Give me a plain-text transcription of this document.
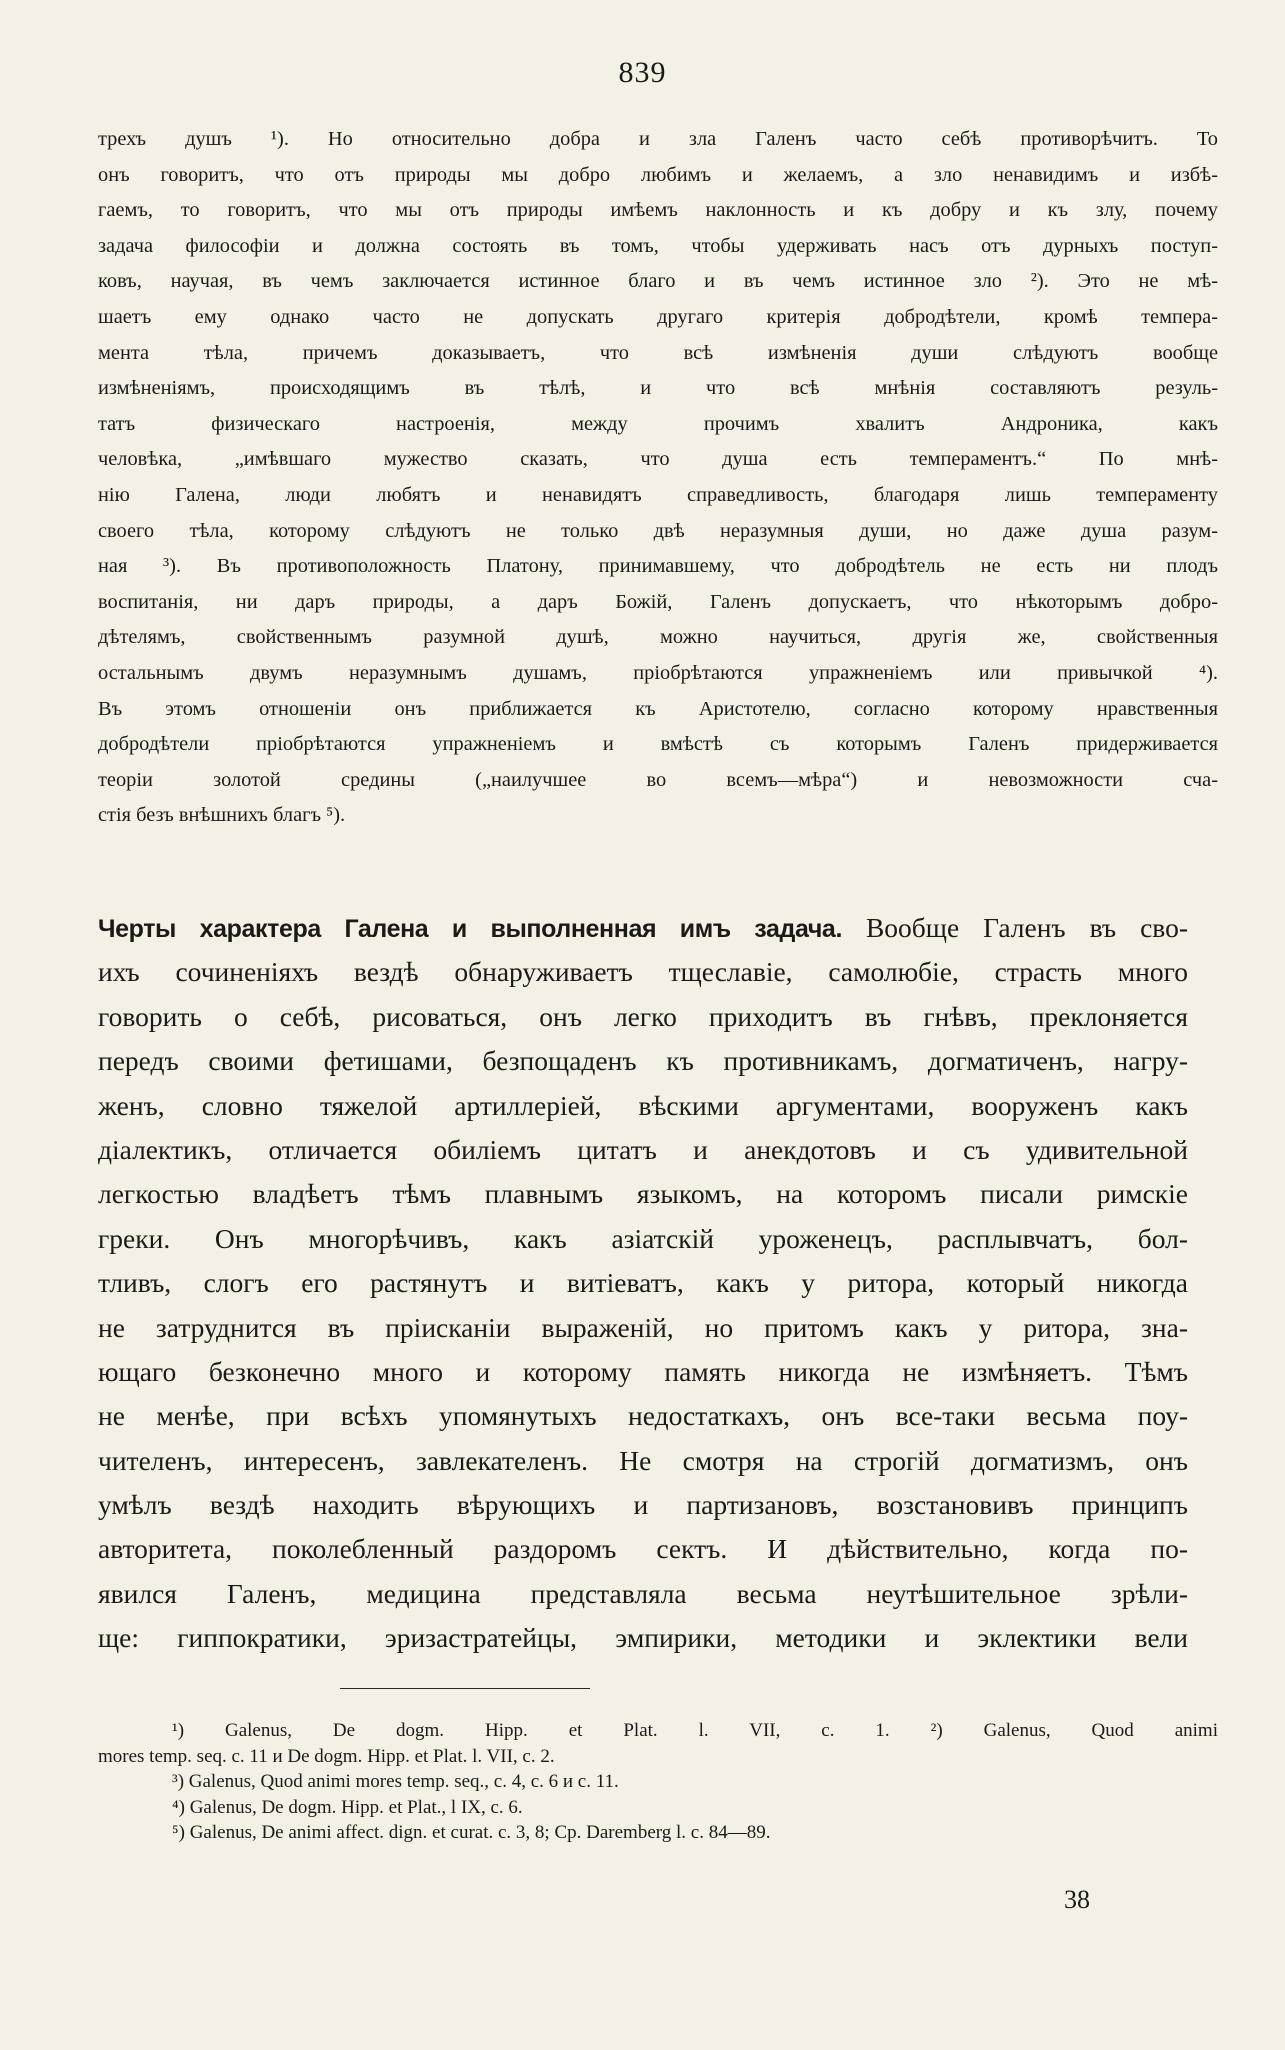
839
трехъ душъ ¹). Но относительно добра и зла Галенъ часто себѣ противорѣчитъ. То
онъ говоритъ, что отъ природы мы добро любимъ и желаемъ, а зло ненавидимъ и избѣ-
гаемъ, то говоритъ, что мы отъ природы имѣемъ наклонность и къ добру и къ злу, почему
задача философіи и должна состоять въ томъ, чтобы удерживать насъ отъ дурныхъ поступ-
ковъ, научая, въ чемъ заключается истинное благо и въ чемъ истинное зло ²). Это не мѣ-
шаетъ ему однако часто не допускать другаго критерія добродѣтели, кромѣ темпера-
мента тѣла, причемъ доказываетъ, что всѣ измѣненія души слѣдуютъ вообще
измѣненіямъ, происходящимъ въ тѣлѣ, и что всѣ мнѣнія составляютъ резуль-
татъ физическаго настроенія, между прочимъ хвалитъ Андроника, какъ
человѣка, „имѣвшаго мужество сказать, что душа есть темпераментъ.“ По мнѣ-
нію Галена, люди любятъ и ненавидятъ справедливость, благодаря лишь темпераменту
своего тѣла, которому слѣдуютъ не только двѣ неразумныя души, но даже душа разум-
ная ³). Въ противоположность Платону, принимавшему, что добродѣтель не есть ни плодъ
воспитанія, ни даръ природы, а даръ Божій, Галенъ допускаетъ, что нѣкоторымъ добро-
дѣтелямъ, свойственнымъ разумной душѣ, можно научиться, другія же, свойственныя
остальнымъ двумъ неразумнымъ душамъ, пріобрѣтаются упражненіемъ или привычкой ⁴).
Въ этомъ отношеніи онъ приближается къ Аристотелю, согласно которому нравственныя
добродѣтели пріобрѣтаются упражненіемъ и вмѣстѣ съ которымъ Галенъ придерживается
теоріи золотой средины („наилучшее во всемъ—мѣра“) и невозможности сча-
стія безъ внѣшнихъ благъ ⁵).
Черты характера Галена и выполненная имъ задача. Вообще Галенъ въ сво-
ихъ сочиненіяхъ вездѣ обнаруживаетъ тщеславіе, самолюбіе, страсть много
говорить о себѣ, рисоваться, онъ легко приходитъ въ гнѣвъ, преклоняется
передъ своими фетишами, безпощаденъ къ противникамъ, догматиченъ, нагру-
женъ, словно тяжелой артиллеріей, вѣскими аргументами, вооруженъ какъ
діалектикъ, отличается обиліемъ цитатъ и анекдотовъ и съ удивительной
легкостью владѣетъ тѣмъ плавнымъ языкомъ, на которомъ писали римскіе
греки. Онъ многорѣчивъ, какъ азіатскій уроженецъ, расплывчатъ, бол-
тливъ, слогъ его растянутъ и витіеватъ, какъ у ритора, который никогда
не затруднится въ пріисканіи выраженій, но притомъ какъ у ритора, зна-
ющаго безконечно много и которому память никогда не измѣняетъ. Тѣмъ
не менѣе, при всѣхъ упомянутыхъ недостаткахъ, онъ все-таки весьма поу-
чителенъ, интересенъ, завлекателенъ. Не смотря на строгій догматизмъ, онъ
умѣлъ вездѣ находить вѣрующихъ и партизановъ, возстановивъ принципъ
авторитета, поколебленный раздоромъ сектъ. И дѣйствительно, когда по-
явился Галенъ, медицина представляла весьма неутѣшительное зрѣли-
ще: гиппократики, эризастратейцы, эмпирики, методики и эклектики вели
¹) Galenus, De dogm. Hipp. et Plat. l. VII, c. 1. ²) Galenus, Quod animi
mores temp. seq. c. 11 и De dogm. Hipp. et Plat. l. VII, c. 2.
³) Galenus, Quod animi mores temp. seq., c. 4, c. 6 и c. 11.
⁴) Galenus, De dogm. Hipp. et Plat., l IX, c. 6.
⁵) Galenus, De animi affect. dign. et curat. c. 3, 8; Cp. Daremberg l. c. 84—89.
38
